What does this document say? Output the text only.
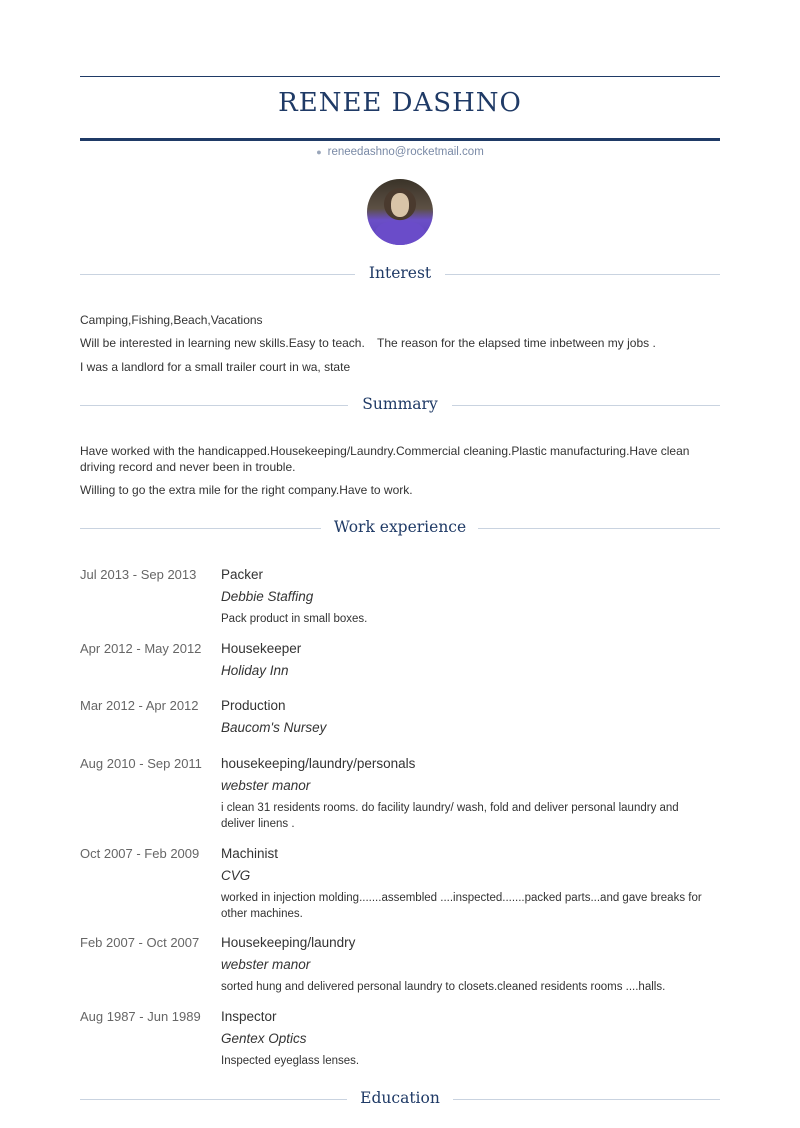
RENEE DASHNO
● reneedashno@rocketmail.com
Interest
Camping,Fishing,Beach,Vacations
Will be interested in learning new skills.Easy to teach. The reason for the elapsed time inbetween my jobs .
I was a landlord for a small trailer court in wa, state
Summary
Have worked with the handicapped.Housekeeping/Laundry.Commercial cleaning.Plastic manufacturing.Have clean driving record and never been in trouble.
Willing to go the extra mile for the right company.Have to work.
Work experience
Jul 2013 - Sep 2013 Packer
Debbie Staffing
Pack product in small boxes.
Apr 2012 - May 2012 Housekeeper
Holiday Inn
Mar 2012 - Apr 2012 Production
Baucom's Nursey
Aug 2010 - Sep 2011 housekeeping/laundry/personals
webster manor
i clean 31 residents rooms. do facility laundry/ wash, fold and deliver personal laundry and deliver linens .
Oct 2007 - Feb 2009 Machinist
CVG
worked in injection molding.......assembled ....inspected.......packed parts...and gave breaks for other machines.
Feb 2007 - Oct 2007 Housekeeping/laundry
webster manor
sorted hung and delivered personal laundry to closets.cleaned residents rooms ....halls.
Aug 1987 - Jun 1989 Inspector
Gentex Optics
Inspected eyeglass lenses.
Education
